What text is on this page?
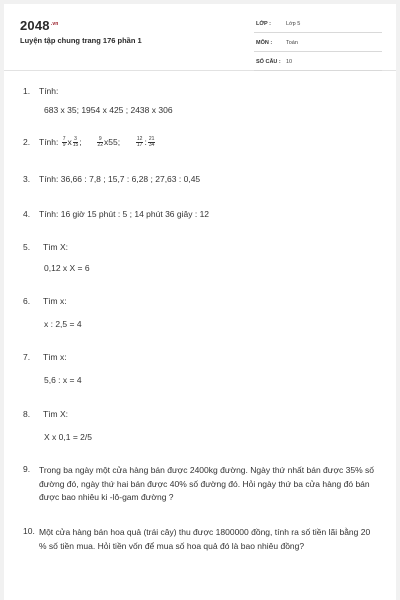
$2048^{.vn}$
Luyện tập chung trang 176 phần 1
LỚP :	Lớp 5
MÔN :	Toán
SỐ CÂU : 10
1.	Tính:
683 x 35; 1954 x 425 ; 2438 x 306
2.	Tính: $\frac{7}{9}$ x $\frac{3}{15}$ ;	$\frac{9}{22} x55$;	$\frac{12}{17}$ : $\frac{21}{34}$
3.	Tính: 36,66 : 7,8 ; 15,7 : 6,28 ; 27,63 : 0,45
4.	Tính: 16 giờ 15 phút : 5 ; 14 phút 36 giây : 12
5.	Tìm X:
0,12 x X = 6
6.	Tìm x:
x : 2,5 = 4
7.	Tìm x:
5,6 : x = 4
8.	Tìm X:
X x 0,1 = 2/5
9.	Trong ba ngày một cửa hàng bán được 2400kg đường. Ngày thứ nhất bán được 35% số đường đó, ngày thứ hai bán được 40% số đường đó. Hỏi ngày thứ ba cửa hàng đó bán được bao nhiêu ki -lô-gam đường ?
10. Một cửa hàng bán hoa quả (trái cây) thu được 1800000 đồng, tính ra số tiền lãi bằng 20 % số tiền mua. Hỏi tiền vốn để mua số hoa quả đó là bao nhiêu đồng?
